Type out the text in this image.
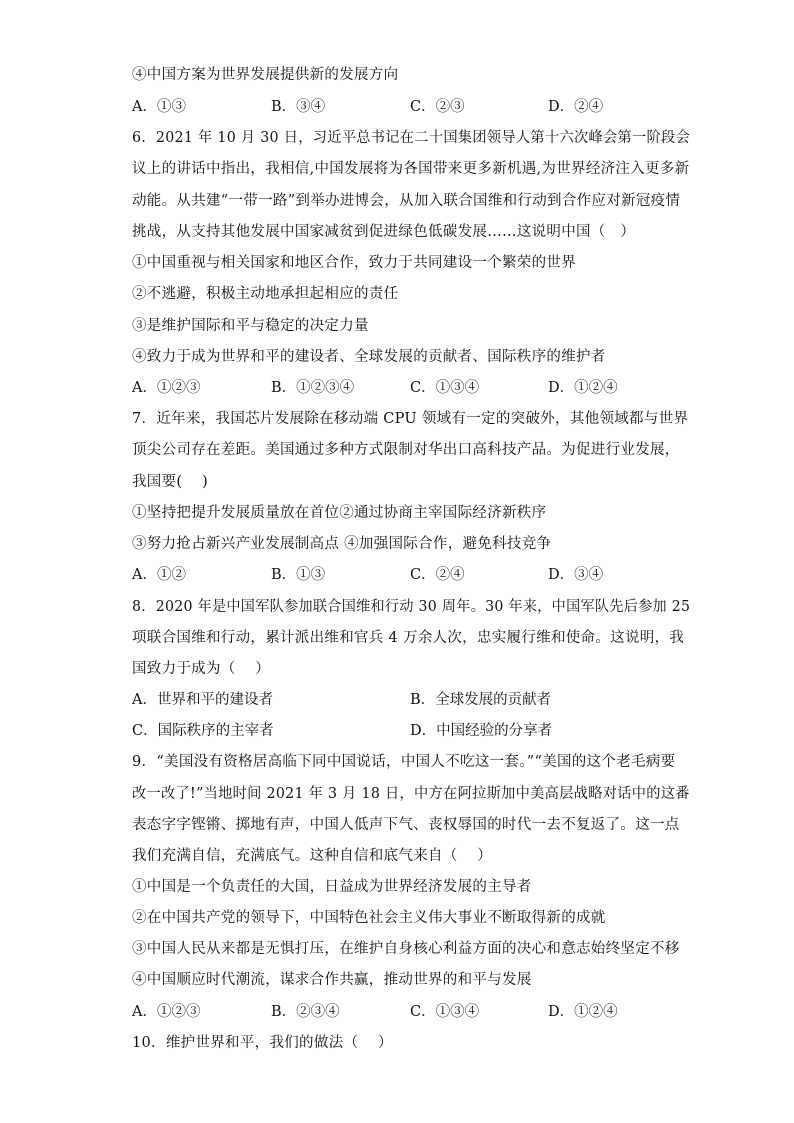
④中国方案为世界发展提供新的发展方向
A．①③	B．③④	C．②③	D．②④
6．2021 年 10 月 30 日，习近平总书记在二十国集团领导人第十六次峰会第一阶段会
议上的讲话中指出，我相信,中国发展将为各国带来更多新机遇,为世界经济注入更多新
动能。从共建“一带一路”到举办进博会，从加入联合国维和行动到合作应对新冠疫情
挑战，从支持其他发展中国家减贫到促进绿色低碳发展……这说明中国（　）
①中国重视与相关国家和地区合作，致力于共同建设一个繁荣的世界
②不逃避，积极主动地承担起相应的责任
③是维护国际和平与稳定的决定力量
④致力于成为世界和平的建设者、全球发展的贡献者、国际秩序的维护者
A．①②③	B．①②③④	C．①③④	D．①②④
7．近年来，我国芯片发展除在移动端 CPU 领域有一定的突破外，其他领域都与世界
顶尖公司存在差距。美国通过多种方式限制对华出口高科技产品。为促进行业发展，
我国要(　 )
①坚持把提升发展质量放在首位②通过协商主宰国际经济新秩序
③努力抢占新兴产业发展制高点 ④加强国际合作，避免科技竞争
A．①②	B．①③	C．②④	D．③④
8．2020 年是中国军队参加联合国维和行动 30 周年。30 年来，中国军队先后参加 25
项联合国维和行动，累计派出维和官兵 4 万余人次，忠实履行维和使命。这说明，我
国致力于成为（　 ）
A．世界和平的建设者	B．全球发展的贡献者
C．国际秩序的主宰者	D．中国经验的分享者
9．“美国没有资格居高临下同中国说话，中国人不吃这一套。”“美国的这个老毛病要
改一改了!”当地时间 2021 年 3 月 18 日，中方在阿拉斯加中美高层战略对话中的这番
表态字字铿锵、掷地有声，中国人低声下气、丧权辱国的时代一去不复返了。这一点
我们充满自信，充满底气。这种自信和底气来自（　 ）
①中国是一个负责任的大国，日益成为世界经济发展的主导者
②在中国共产党的领导下，中国特色社会主义伟大事业不断取得新的成就
③中国人民从来都是无惧打压，在维护自身核心利益方面的决心和意志始终坚定不移
④中国顺应时代潮流，谋求合作共赢，推动世界的和平与发展
A．①②③	B．②③④	C．①③④	D．①②④
10．维护世界和平，我们的做法（　 ）
